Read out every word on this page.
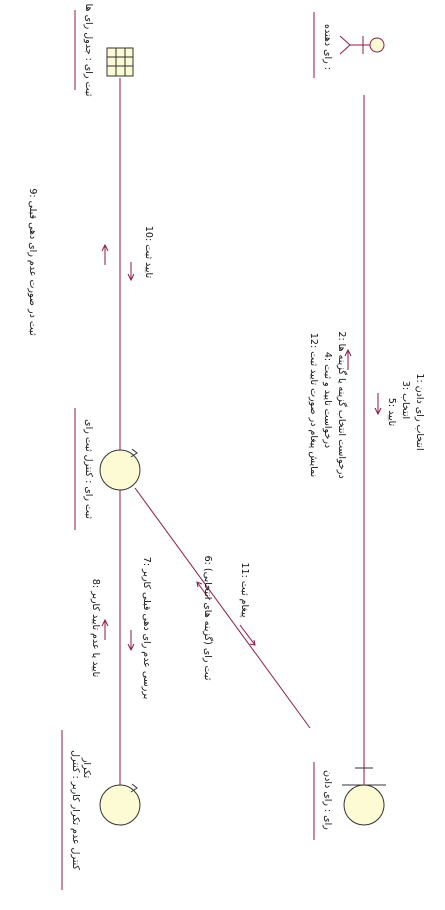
رای دهنده :
رای : رای دادن
ثبت رای : جدول رای ها
ثبت رای : کنترل ثبت رای
کنترل عدم تکرار کاربر : کنترل تکرار
1: انتخاب رای دادن
3: انتخاب
5: تایید
2: درخواست انتخاب گزینه یا گزینه ها
4: درخواست تایید و ثبت
12: نمایش پیغام در صورت تایید ثبت
10: تایید ثبت
9: ثبت در صورت عدم رای دهی قبلی
6: ثبت رای (گزینه های انتخابی)	11: پیغام ثبت
7: بررسی عدم رای دهی قبلی کاربر
8: تایید یا عدم تایید کاربر
